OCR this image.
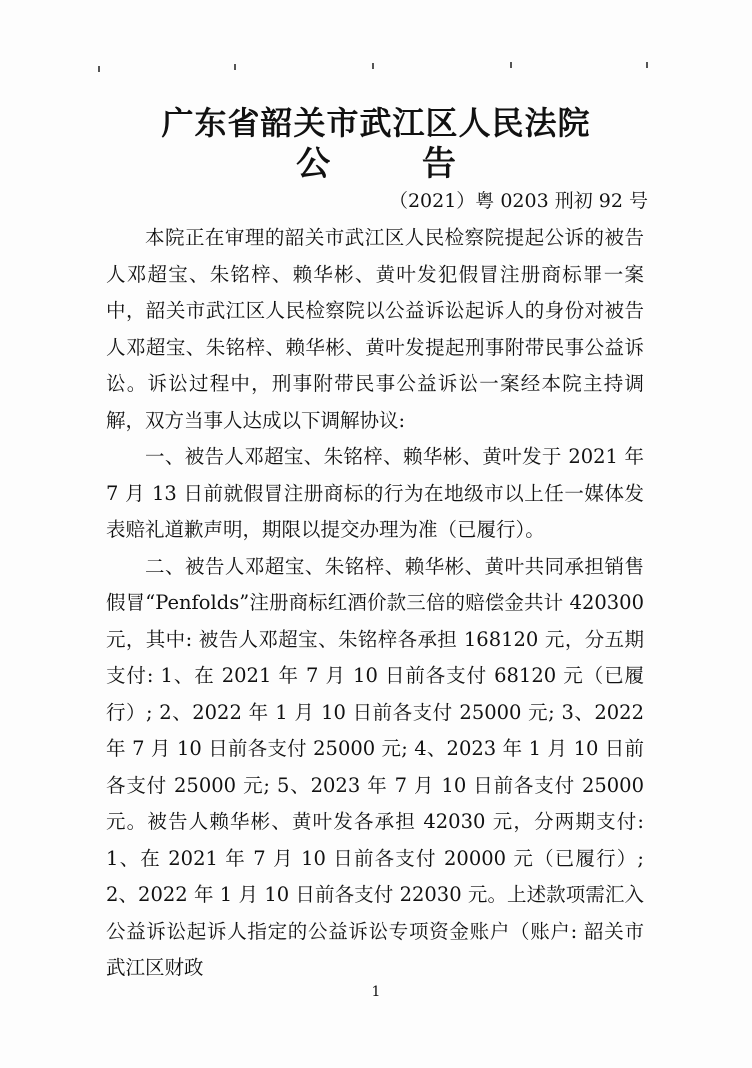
广东省韶关市武江区人民法院
公 告
（2021）粤 0203 刑初 92 号

本院正在审理的韶关市武江区人民检察院提起公诉的被告人邓超宝、朱铭梓、赖华彬、黄叶发犯假冒注册商标罪一案中，韶关市武江区人民检察院以公益诉讼起诉人的身份对被告人邓超宝、朱铭梓、赖华彬、黄叶发提起刑事附带民事公益诉讼。诉讼过程中，刑事附带民事公益诉讼一案经本院主持调解，双方当事人达成以下调解协议:

一、被告人邓超宝、朱铭梓、赖华彬、黄叶发于 2021 年 7 月 13 日前就假冒注册商标的行为在地级市以上任一媒体发表赔礼道歉声明，期限以提交办理为准（已履行）。

二、被告人邓超宝、朱铭梓、赖华彬、黄叶共同承担销售假冒“Penfolds”注册商标红酒价款三倍的赔偿金共计 420300 元，其中: 被告人邓超宝、朱铭梓各承担 168120 元，分五期支付: 1、在 2021 年 7 月 10 日前各支付 68120 元（已履行）; 2、2022 年 1 月 10 日前各支付 25000 元; 3、2022 年 7 月 10 日前各支付 25000 元; 4、2023 年 1 月 10 日前各支付 25000 元; 5、2023 年 7 月 10 日前各支付 25000 元。被告人赖华彬、黄叶发各承担 42030 元，分两期支付: 1、在 2021 年 7 月 10 日前各支付 20000 元（已履行）; 2、2022 年 1 月 10 日前各支付 22030 元。上述款项需汇入公益诉讼起诉人指定的公益诉讼专项资金账户（账户: 韶关市武江区财政

1
